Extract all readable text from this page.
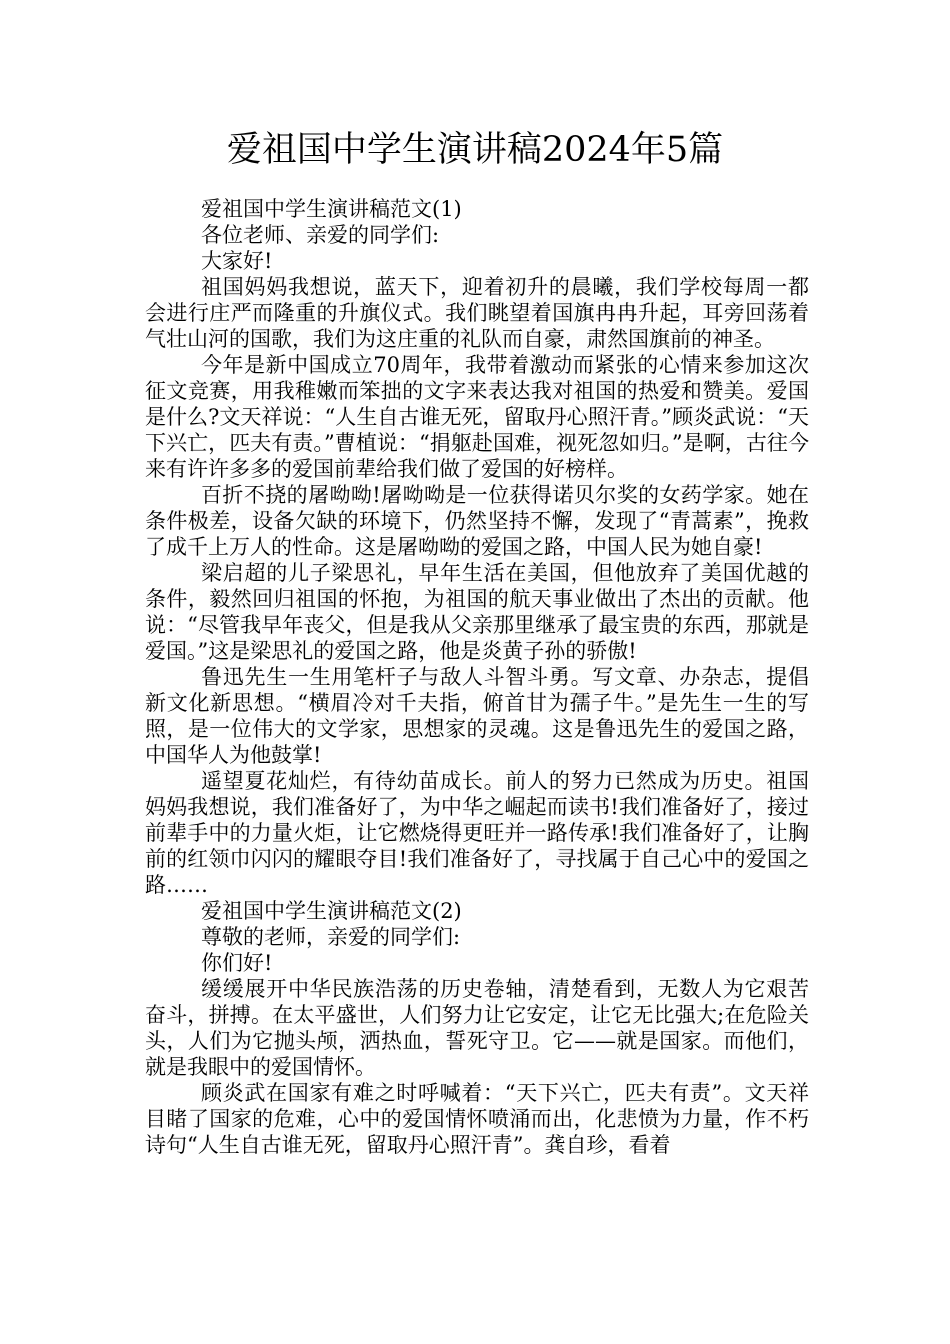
爱祖国中学生演讲稿2024年5篇

爱祖国中学生演讲稿范文(1)

各位老师、亲爱的同学们:

大家好!

祖国妈妈我想说，蓝天下，迎着初升的晨曦，我们学校每周一都会进行庄严而隆重的升旗仪式。我们眺望着国旗冉冉升起，耳旁回荡着气壮山河的国歌，我们为这庄重的礼队而自豪，肃然国旗前的神圣。

今年是新中国成立70周年，我带着激动而紧张的心情来参加这次征文竞赛，用我稚嫩而笨拙的文字来表达我对祖国的热爱和赞美。爱国是什么?文天祥说：“人生自古谁无死，留取丹心照汗青。”顾炎武说：“天下兴亡，匹夫有责。”曹植说：“捐躯赴国难，视死忽如归。”是啊，古往今来有许许多多的爱国前辈给我们做了爱国的好榜样。

百折不挠的屠呦呦!屠呦呦是一位获得诺贝尔奖的女药学家。她在条件极差，设备欠缺的环境下，仍然坚持不懈，发现了“青蒿素”，挽救了成千上万人的性命。这是屠呦呦的爱国之路，中国人民为她自豪!

梁启超的儿子梁思礼，早年生活在美国，但他放弃了美国优越的条件，毅然回归祖国的怀抱，为祖国的航天事业做出了杰出的贡献。他说：“尽管我早年丧父，但是我从父亲那里继承了最宝贵的东西，那就是爱国。”这是梁思礼的爱国之路，他是炎黄子孙的骄傲!

鲁迅先生一生用笔杆子与敌人斗智斗勇。写文章、办杂志，提倡新文化新思想。“横眉冷对千夫指，俯首甘为孺子牛。”是先生一生的写照，是一位伟大的文学家，思想家的灵魂。这是鲁迅先生的爱国之路，中国华人为他鼓掌!

遥望夏花灿烂，有待幼苗成长。前人的努力已然成为历史。祖国妈妈我想说，我们准备好了，为中华之崛起而读书!我们准备好了，接过前辈手中的力量火炬，让它燃烧得更旺并一路传承!我们准备好了，让胸前的红领巾闪闪的耀眼夺目!我们准备好了，寻找属于自己心中的爱国之路……

爱祖国中学生演讲稿范文(2)

尊敬的老师，亲爱的同学们:

你们好!

缓缓展开中华民族浩荡的历史卷轴，清楚看到，无数人为它艰苦奋斗，拼搏。在太平盛世，人们努力让它安定，让它无比强大;在危险关头，人们为它抛头颅，洒热血，誓死守卫。它——就是国家。而他们，就是我眼中的爱国情怀。

顾炎武在国家有难之时呼喊着：“天下兴亡，匹夫有责”。文天祥目睹了国家的危难，心中的爱国情怀喷涌而出，化悲愤为力量，作不朽诗句“人生自古谁无死，留取丹心照汗青”。龚自珍，看着
